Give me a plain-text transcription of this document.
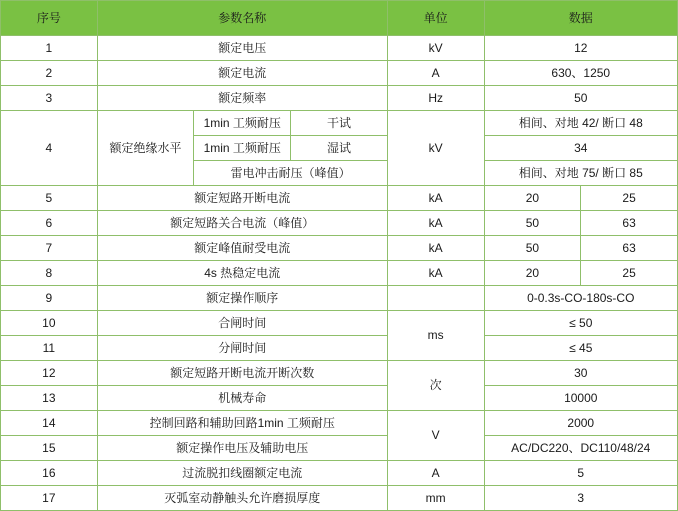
序号	参数名称			单位	数据	
1	额定电压			kV	12	
2	额定电流			A	630、1250	
3	额定频率			Hz	50	
4	额定绝缘水平	1min 工频耐压	干试	kV	相间、对地 42/ 断口 48	
		1min 工频耐压	湿试		34	
		雷电冲击耐压（峰值）			相间、对地 75/ 断口 85	
5	额定短路开断电流			kA	20	25
6	额定短路关合电流（峰值）			kA	50	63
7	额定峰值耐受电流			kA	50	63
8	4s 热稳定电流			kA	20	25
9	额定操作顺序				0-0.3s-CO-180s-CO	
10	合闸时间			ms	≤ 50	
11	分闸时间				≤ 45	
12	额定短路开断电流开断次数			次	30	
13	机械寿命				10000	
14	控制回路和辅助回路1min 工频耐压			V	2000	
15	额定操作电压及辅助电压				AC/DC220、DC110/48/24	
16	过流脱扣线圈额定电流			A	5	
17	灭弧室动静触头允许磨损厚度			mm	3	
